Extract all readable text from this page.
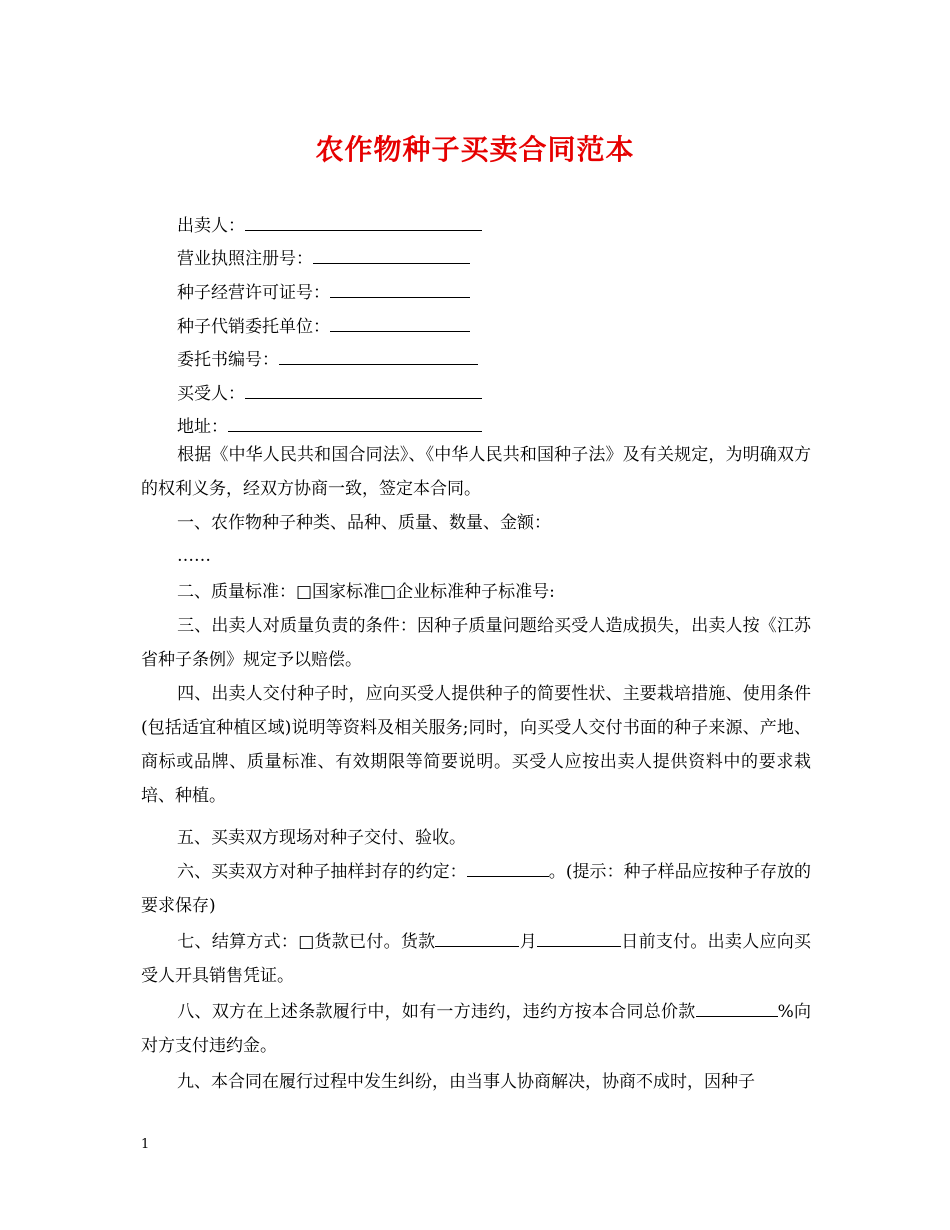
农作物种子买卖合同范本
出卖人：
营业执照注册号：
种子经营许可证号：
种子代销委托单位：
委托书编号：
买受人：
地址：
根据《中华人民共和国合同法》、《中华人民共和国种子法》及有关规定，为明确双方的权利义务，经双方协商一致，签定本合同。
一、农作物种子种类、品种、质量、数量、金额：
……
二、质量标准：□国家标准□企业标准种子标准号:
三、出卖人对质量负责的条件：因种子质量问题给买受人造成损失，出卖人按《江苏省种子条例》规定予以赔偿。
四、出卖人交付种子时，应向买受人提供种子的简要性状、主要栽培措施、使用条件(包括适宜种植区域)说明等资料及相关服务;同时，向买受人交付书面的种子来源、产地、商标或品牌、质量标准、有效期限等简要说明。买受人应按出卖人提供资料中的要求栽培、种植。
五、买卖双方现场对种子交付、验收。
六、买卖双方对种子抽样封存的约定：	。(提示：种子样品应按种子存放的要求保存)
七、结算方式：□货款已付。货款	月	日前支付。出卖人应向买受人开具销售凭证。
八、双方在上述条款履行中，如有一方违约，违约方按本合同总价款	%向对方支付违约金。
九、本合同在履行过程中发生纠纷，由当事人协商解决，协商不成时，因种子
1
